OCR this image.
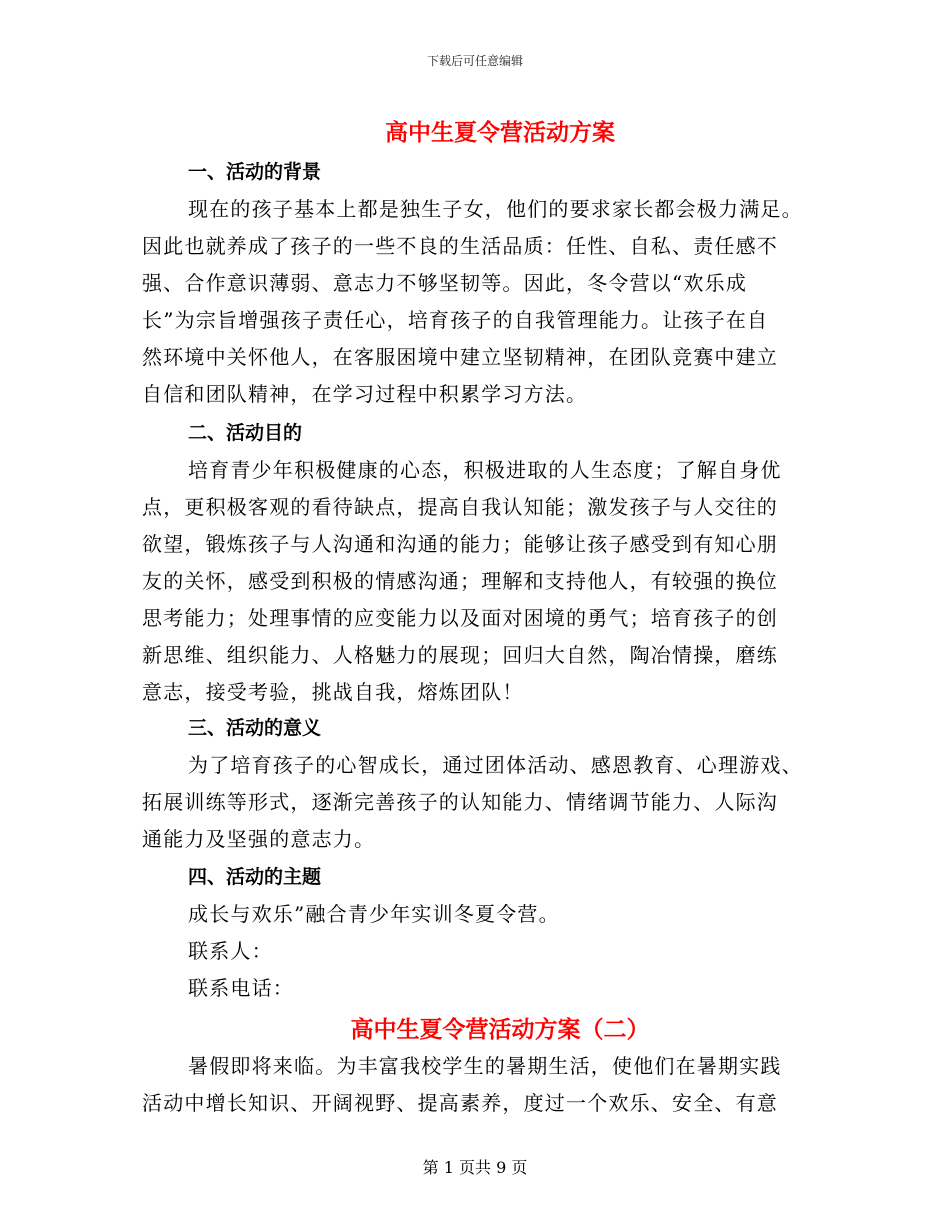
下载后可任意编辑
高中生夏令营活动方案
一、活动的背景
现在的孩子基本上都是独生子女，他们的要求家长都会极力满足。
因此也就养成了孩子的一些不良的生活品质：任性、自私、责任感不
强、合作意识薄弱、意志力不够坚韧等。因此，冬令营以“欢乐成
长”为宗旨增强孩子责任心，培育孩子的自我管理能力。让孩子在自
然环境中关怀他人，在客服困境中建立坚韧精神，在团队竞赛中建立
自信和团队精神，在学习过程中积累学习方法。
二、活动目的
培育青少年积极健康的心态，积极进取的人生态度；了解自身优
点，更积极客观的看待缺点，提高自我认知能；激发孩子与人交往的
欲望，锻炼孩子与人沟通和沟通的能力；能够让孩子感受到有知心朋
友的关怀，感受到积极的情感沟通；理解和支持他人，有较强的换位
思考能力；处理事情的应变能力以及面对困境的勇气；培育孩子的创
新思维、组织能力、人格魅力的展现；回归大自然，陶冶情操，磨练
意志，接受考验，挑战自我，熔炼团队！
三、活动的意义
为了培育孩子的心智成长，通过团体活动、感恩教育、心理游戏、
拓展训练等形式，逐渐完善孩子的认知能力、情绪调节能力、人际沟
通能力及坚强的意志力。
四、活动的主题
成长与欢乐”融合青少年实训冬夏令营。
联系人：
联系电话：
高中生夏令营活动方案（二）
暑假即将来临。为丰富我校学生的暑期生活，使他们在暑期实践
活动中增长知识、开阔视野、提高素养，度过一个欢乐、安全、有意
第 1 页共 9 页
